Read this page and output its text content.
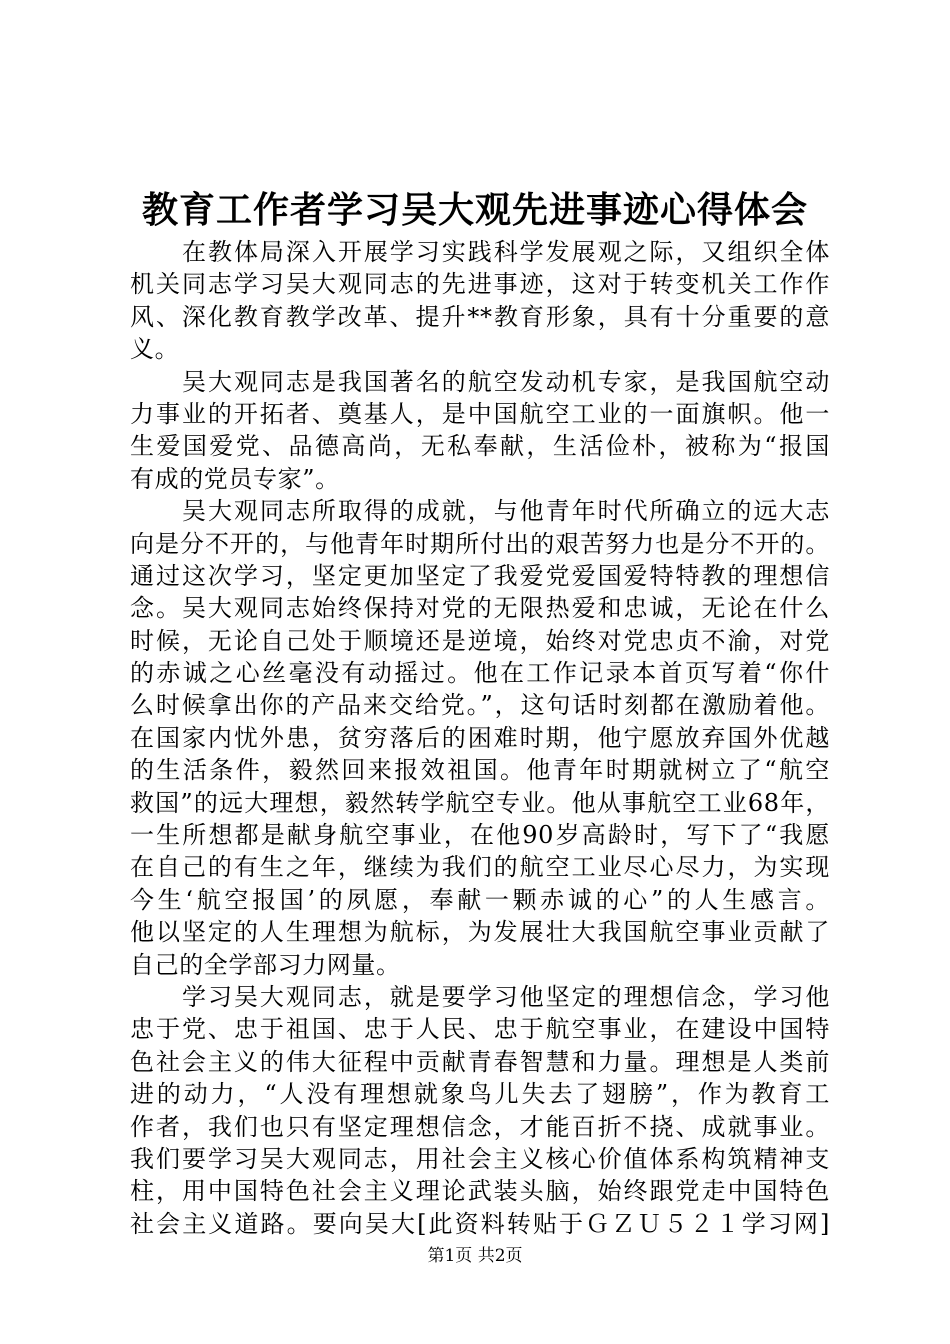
教育工作者学习吴大观先进事迹心得体会
在教体局深入开展学习实践科学发展观之际，又组织全体
机关同志学习吴大观同志的先进事迹，这对于转变机关工作作
风、深化教育教学改革、提升**教育形象，具有十分重要的意
义。
吴大观同志是我国著名的航空发动机专家，是我国航空动
力事业的开拓者、奠基人，是中国航空工业的一面旗帜。他一
生爱国爱党、品德高尚，无私奉献，生活俭朴，被称为“报国
有成的党员专家”。
吴大观同志所取得的成就，与他青年时代所确立的远大志
向是分不开的，与他青年时期所付出的艰苦努力也是分不开的。
通过这次学习，坚定更加坚定了我爱党爱国爱特特教的理想信
念。吴大观同志始终保持对党的无限热爱和忠诚，无论在什么
时候，无论自己处于顺境还是逆境，始终对党忠贞不渝，对党
的赤诚之心丝毫没有动摇过。他在工作记录本首页写着“你什
么时候拿出你的产品来交给党。”，这句话时刻都在激励着他。
在国家内忧外患，贫穷落后的困难时期，他宁愿放弃国外优越
的生活条件，毅然回来报效祖国。他青年时期就树立了“航空
救国”的远大理想，毅然转学航空专业。他从事航空工业68年，
一生所想都是献身航空事业，在他90岁高龄时，写下了“我愿
在自己的有生之年，继续为我们的航空工业尽心尽力，为实现
今生‘航空报国’的夙愿，奉献一颗赤诚的心”的人生感言。
他以坚定的人生理想为航标，为发展壮大我国航空事业贡献了
自己的全学部习力网量。
学习吴大观同志，就是要学习他坚定的理想信念，学习他
忠于党、忠于祖国、忠于人民、忠于航空事业，在建设中国特
色社会主义的伟大征程中贡献青春智慧和力量。理想是人类前
进的动力，“人没有理想就象鸟儿失去了翅膀”，作为教育工
作者，我们也只有坚定理想信念，才能百折不挠、成就事业。
我们要学习吴大观同志，用社会主义核心价值体系构筑精神支
柱，用中国特色社会主义理论武装头脑，始终跟党走中国特色
社会主义道路。要向吴大[此资料转贴于ＧＺＵ５２１学习网]
第1页 共2页
